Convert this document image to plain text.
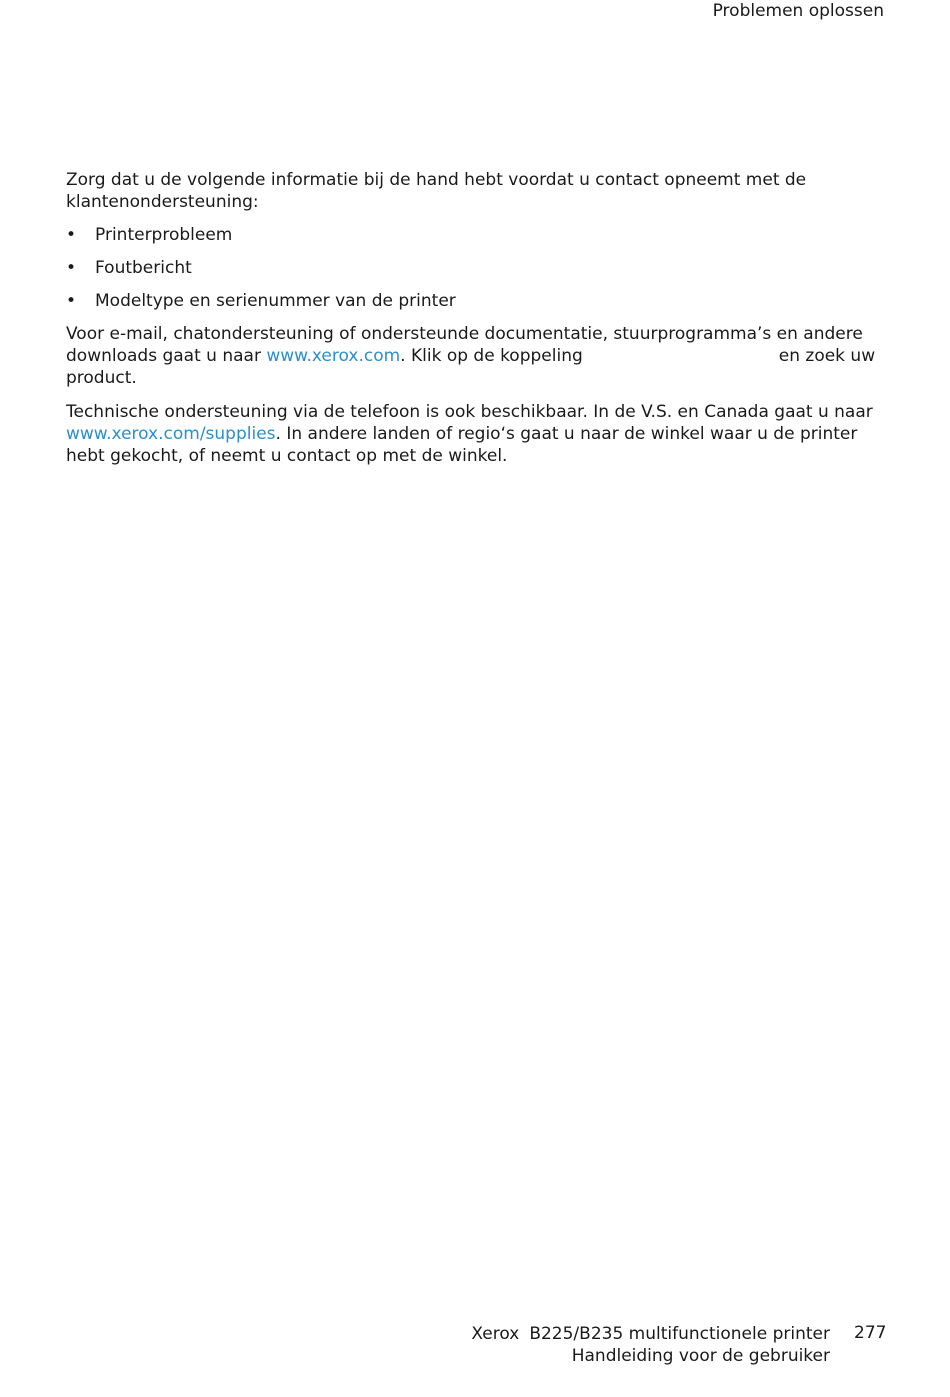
Problemen oplossen

Zorg dat u de volgende informatie bij de hand hebt voordat u contact opneemt met de klantenondersteuning:

• Printerprobleem
• Foutbericht
• Modeltype en serienummer van de printer

Voor e-mail, chatondersteuning of ondersteunde documentatie, stuurprogramma’s en andere downloads gaat u naar www.xerox.com. Klik op de koppeling	en zoek uw product.

Technische ondersteuning via de telefoon is ook beschikbaar. In de V.S. en Canada gaat u naar www.xerox.com/supplies. In andere landen of regio‘s gaat u naar de winkel waar u de printer hebt gekocht, of neemt u contact op met de winkel.

Xerox B225/B235 multifunctionele printer
Handleiding voor de gebruiker
277
